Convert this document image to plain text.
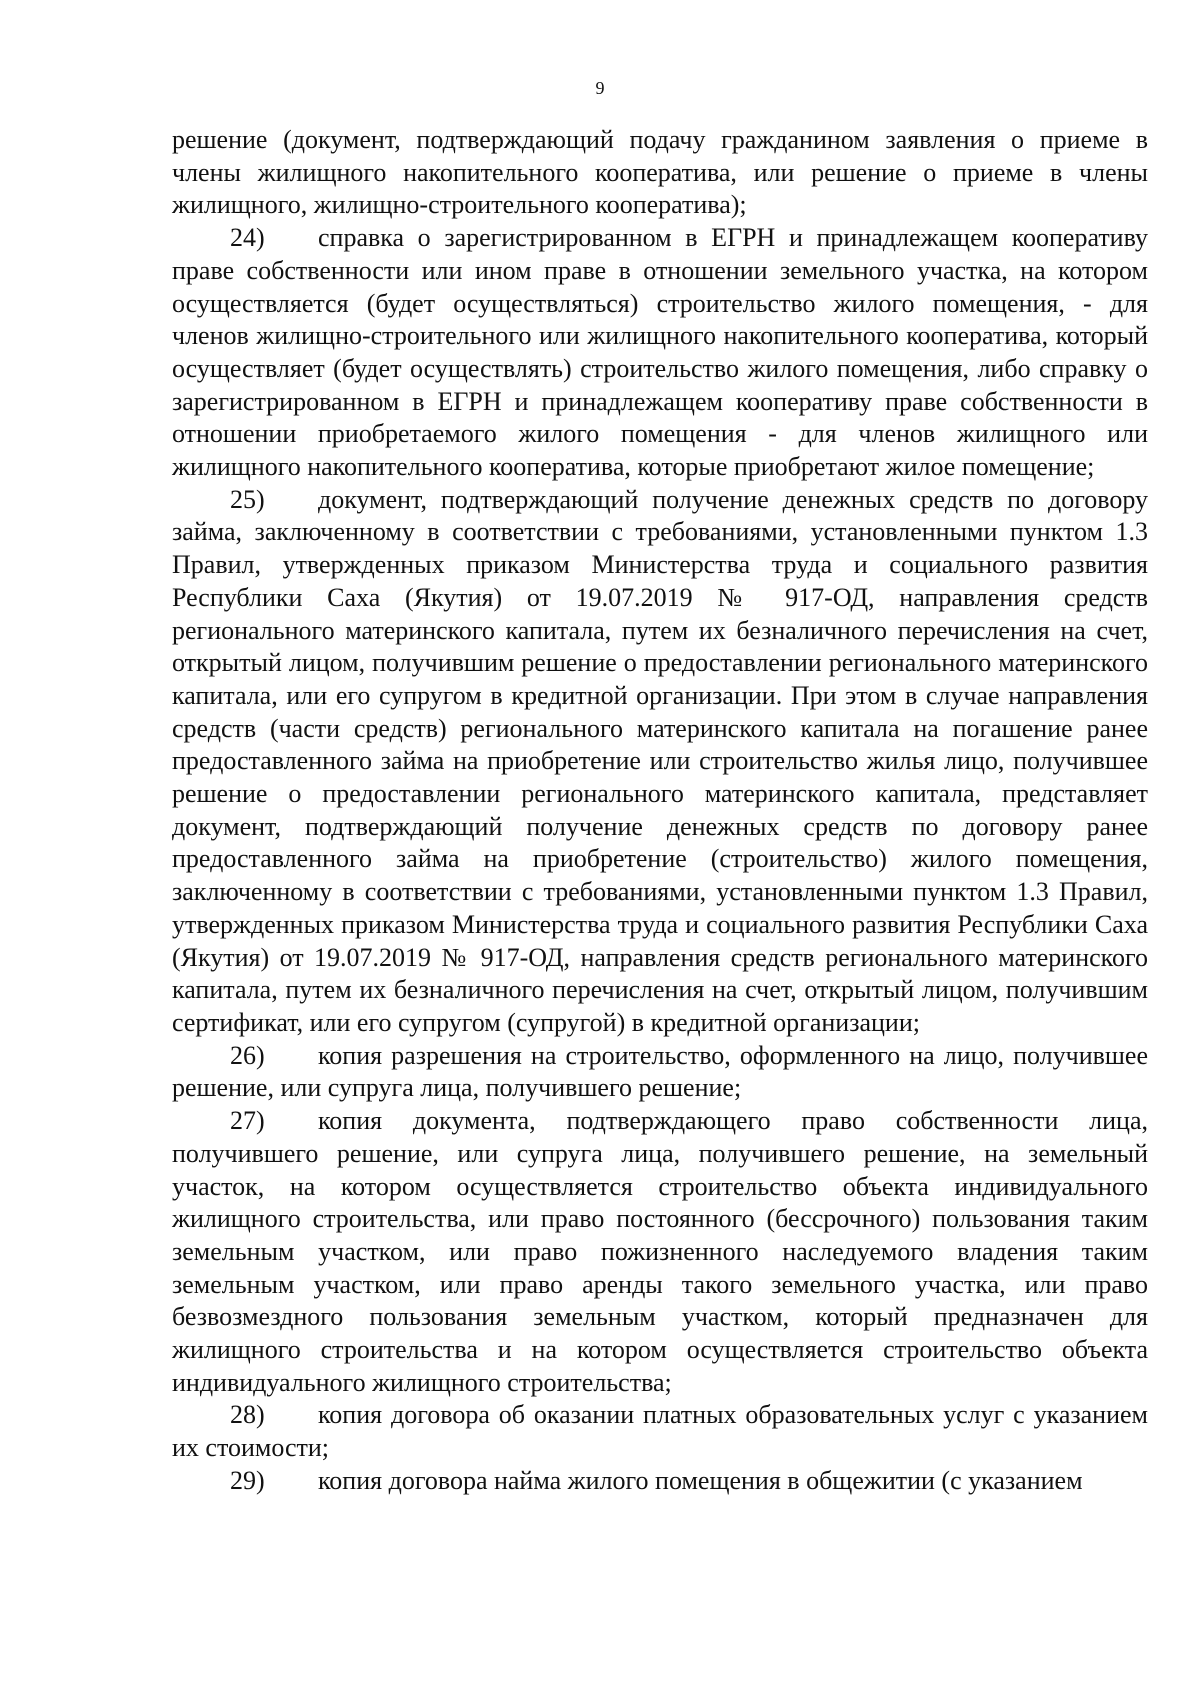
9

решение (документ, подтверждающий подачу гражданином заявления о приеме в члены жилищного накопительного кооператива, или решение о приеме в члены жилищного, жилищно-строительного кооператива);

24) справка о зарегистрированном в ЕГРН и принадлежащем кооперативу праве собственности или ином праве в отношении земельного участка, на котором осуществляется (будет осуществляться) строительство жилого помещения, - для членов жилищно-строительного или жилищного накопительного кооператива, который осуществляет (будет осуществлять) строительство жилого помещения, либо справку о зарегистрированном в ЕГРН и принадлежащем кооперативу праве собственности в отношении приобретаемого жилого помещения - для членов жилищного или жилищного накопительного кооператива, которые приобретают жилое помещение;

25) документ, подтверждающий получение денежных средств по договору займа, заключенному в соответствии с требованиями, установленными пунктом 1.3 Правил, утвержденных приказом Министерства труда и социального развития Республики Саха (Якутия) от 19.07.2019 № 917-ОД, направления средств регионального материнского капитала, путем их безналичного перечисления на счет, открытый лицом, получившим решение о предоставлении регионального материнского капитала, или его супругом в кредитной организации. При этом в случае направления средств (части средств) регионального материнского капитала на погашение ранее предоставленного займа на приобретение или строительство жилья лицо, получившее решение о предоставлении регионального материнского капитала, представляет документ, подтверждающий получение денежных средств по договору ранее предоставленного займа на приобретение (строительство) жилого помещения, заключенному в соответствии с требованиями, установленными пунктом 1.3 Правил, утвержденных приказом Министерства труда и социального развития Республики Саха (Якутия) от 19.07.2019 № 917-ОД, направления средств регионального материнского капитала, путем их безналичного перечисления на счет, открытый лицом, получившим сертификат, или его супругом (супругой) в кредитной организации;

26) копия разрешения на строительство, оформленного на лицо, получившее решение, или супруга лица, получившего решение;

27) копия документа, подтверждающего право собственности лица, получившего решение, или супруга лица, получившего решение, на земельный участок, на котором осуществляется строительство объекта индивидуального жилищного строительства, или право постоянного (бессрочного) пользования таким земельным участком, или право пожизненного наследуемого владения таким земельным участком, или право аренды такого земельного участка, или право безвозмездного пользования земельным участком, который предназначен для жилищного строительства и на котором осуществляется строительство объекта индивидуального жилищного строительства;

28) копия договора об оказании платных образовательных услуг с указанием их стоимости;

29) копия договора найма жилого помещения в общежитии (с указанием
